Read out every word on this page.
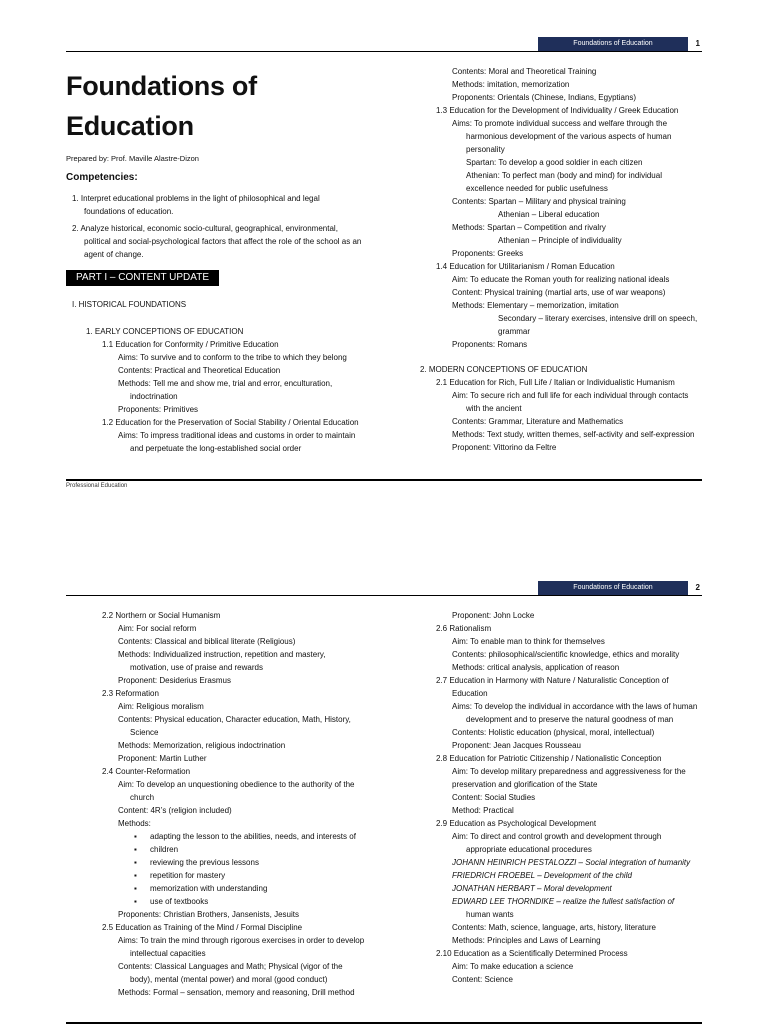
Foundations of Education	1
Foundations of
Education

Prepared by: Prof. Maville Alastre-Dizon

Competencies:

1. Interpret educational problems in the light of philosophical and legal

foundations of education.

2. Analyze historical, economic socio-cultural, geographical, environmental,

political and social-psychological factors that affect the role of the school as an

agent of change.

PART I – CONTENT UPDATE

I. HISTORICAL FOUNDATIONS

1. EARLY CONCEPTIONS OF EDUCATION

1.1 Education for Conformity / Primitive Education

Aims: To survive and to conform to the tribe to which they belong

Contents: Practical and Theoretical Education

Methods: Tell me and show me, trial and error, enculturation,

indoctrination

Proponents: Primitives

1.2 Education for the Preservation of Social Stability / Oriental Education

Aims: To impress traditional ideas and customs in order to maintain

and perpetuate the long-established social order

Contents: Moral and Theoretical Training

Methods: imitation, memorization

Proponents: Orientals (Chinese, Indians, Egyptians)

1.3 Education for the Development of Individuality / Greek Education

Aims: To promote individual success and welfare through the

harmonious development of the various aspects of human

personality

Spartan: To develop a good soldier in each citizen

Athenian: To perfect man (body and mind) for individual

excellence needed for public usefulness

Contents: Spartan – Military and physical training

Athenian – Liberal education

Methods: Spartan – Competition and rivalry

Athenian – Principle of individuality

Proponents: Greeks

1.4 Education for Utilitarianism / Roman Education

Aim: To educate the Roman youth for realizing national ideals

Content: Physical training (martial arts, use of war weapons)

Methods: Elementary – memorization, imitation

Secondary – literary exercises, intensive drill on speech,

grammar

Proponents: Romans

2. MODERN CONCEPTIONS OF EDUCATION

2.1 Education for Rich, Full Life / Italian or Individualistic Humanism

Aim: To secure rich and full life for each individual through contacts

with the ancient

Contents: Grammar, Literature and Mathematics

Methods: Text study, written themes, self-activity and self-expression

Proponent: Vittorino da Feltre

Professional Education
Foundations of Education	2

2.2 Northern or Social Humanism

Aim: For social reform

Contents: Classical and biblical literate (Religious)

Methods: Individualized instruction, repetition and mastery,

motivation, use of praise and rewards

Proponent: Desiderius Erasmus

2.3 Reformation

Aim: Religious moralism

Contents: Physical education, Character education, Math, History,

Science

Methods: Memorization, religious indoctrination

Proponent: Martin Luther

2.4 Counter-Reformation

Aim: To develop an unquestioning obedience to the authority of the

church

Content: 4R’s (religion included)

Methods:

▪ adapting the lesson to the abilities, needs, and interests of
▪ children
▪ reviewing the previous lessons
▪ repetition for mastery
▪ memorization with understanding
▪ use of textbooks

Proponents: Christian Brothers, Jansenists, Jesuits

2.5 Education as Training of the Mind / Formal Discipline

Aims: To train the mind through rigorous exercises in order to develop

intellectual capacities

Contents: Classical Languages and Math; Physical (vigor of the

body), mental (mental power) and moral (good conduct)

Methods: Formal – sensation, memory and reasoning, Drill method

Proponent: John Locke

2.6 Rationalism

Aim: To enable man to think for themselves

Contents: philosophical/scientific knowledge, ethics and morality

Methods: critical analysis, application of reason

2.7 Education in Harmony with Nature / Naturalistic Conception of

Education

Aims: To develop the individual in accordance with the laws of human

development and to preserve the natural goodness of man

Contents: Holistic education (physical, moral, intellectual)

Proponent: Jean Jacques Rousseau

2.8 Education for Patriotic Citizenship / Nationalistic Conception

Aim: To develop military preparedness and aggressiveness for the

preservation and glorification of the State

Content: Social Studies

Method: Practical

2.9 Education as Psychological Development

Aim: To direct and control growth and development through

appropriate educational procedures

JOHANN HEINRICH PESTALOZZI – Social integration of humanity

FRIEDRICH FROEBEL – Development of the child

JONATHAN HERBART – Moral development

EDWARD LEE THORNDIKE – realize the fullest satisfaction of

human wants

Contents: Math, science, language, arts, history, literature

Methods: Principles and Laws of Learning

2.10 Education as a Scientifically Determined Process

Aim: To make education a science

Content: Science
